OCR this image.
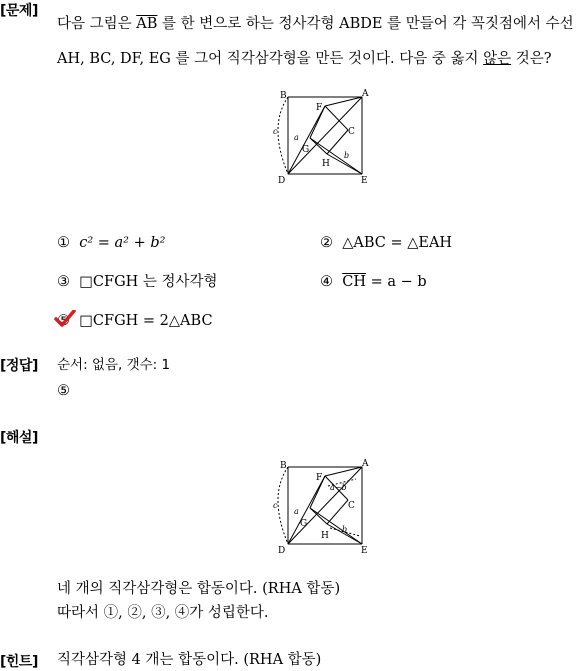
[문제]
다음 그림은 $\overline{AB}$ 를 한 변으로 하는 정사각형 ABDE 를 만들어 각 꼭짓점에서 수선
AH, BC, DF, EG 를 그어 직각삼각형을 만든 것이다. 다음 중 옳지 않은 것은?
B	A
F
C
G
H
D	E
c
a
b
① c² = a² + b²	② △ABC = △EAH
③ □CFGH 는 정사각형	④ $\overline{CH} = a - b$
⑤ □CFGH = 2△ABC
[정답] 순서: 없음, 갯수: 1
⑤
[해설]
B	A
F
C
G
H
D	E
c
a
b
a−b
네 개의 직각삼각형은 합동이다. (RHA 합동)
따라서 ①, ②, ③, ④가 성립한다.
[힌트] 직각삼각형 4 개는 합동이다. (RHA 합동)
